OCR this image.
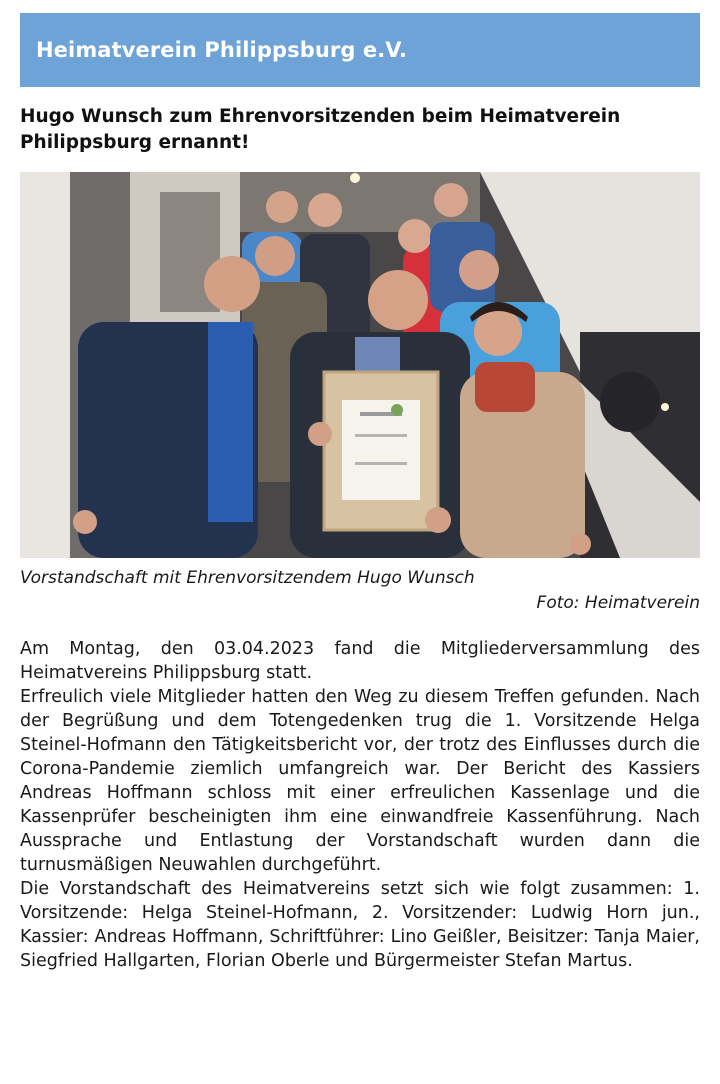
Heimatverein Philippsburg e.V.
Hugo Wunsch zum Ehrenvorsitzenden beim Heimatverein Philippsburg ernannt!
Vorstandschaft mit Ehrenvorsitzendem Hugo Wunsch
Foto: Heimatverein

Am Montag, den 03.04.2023 fand die Mitgliederversammlung des Heimatvereins Philippsburg statt.

Erfreulich viele Mitglieder hatten den Weg zu diesem Treffen gefunden. Nach der Begrüßung und dem Totengedenken trug die 1. Vorsitzende Helga Steinel-Hofmann den Tätigkeitsbericht vor, der trotz des Einflusses durch die Corona-Pandemie ziemlich umfangreich war. Der Bericht des Kassiers Andreas Hoffmann schloss mit einer erfreulichen Kassenlage und die Kassenprüfer bescheinigten ihm eine einwandfreie Kassenführung. Nach Aussprache und Entlastung der Vorstandschaft wurden dann die turnusmäßigen Neuwahlen durchgeführt.

Die Vorstandschaft des Heimatvereins setzt sich wie folgt zusammen: 1. Vorsitzende: Helga Steinel-Hofmann, 2. Vorsitzender: Ludwig Horn jun., Kassier: Andreas Hoffmann, Schriftführer: Lino Geißler, Beisitzer: Tanja Maier, Siegfried Hallgarten, Florian Oberle und Bürgermeister Stefan Martus.
